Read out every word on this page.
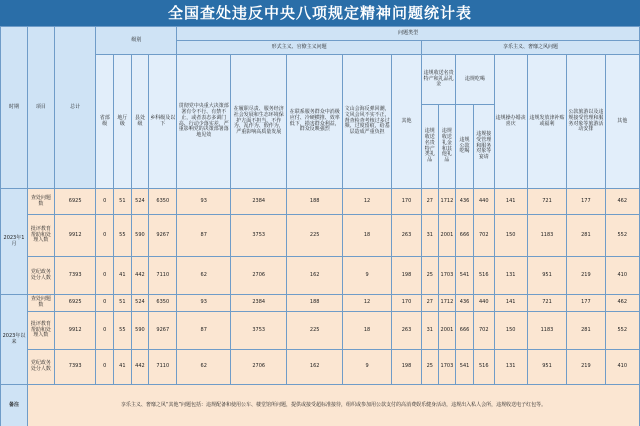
全国查处违反中央八项规定精神问题统计表
时期	项目	总计	级别				问题类型												
							形式主义、官僚主义问题					享乐主义、奢靡之风问题							
			省部级	地厅级	县处级	乡科级及以下	贯彻党中央重大决策部署有令不行、有禁不止，或者表态多调门高、行动少落实差，严重影响党的决策部署落地见效	在履职尽责、服务经济社会发展和生态环境保护方面不担当、不作为、乱作为、假作为，严重影响高质量发展	在联系服务群众中消极应付、冷硬横推、效率低下，损害群众利益，群众反映强烈	文山会海反弹回潮，文风会风不实不正，督查检查考核过多过频、过度留痕，给基层造成严重负担	其他	违规收送名贵特产和礼品礼金		违规吃喝		违规操办婚丧喜庆	违规发放津补贴或福利	公款旅游以及违规接受管理和服务对象等旅游活动安排	其他
												违规收送名贵特产类礼品	违规收送礼金和其他礼品	违规公款吃喝	违规接受管理和服务对象等宴请				
2023年1月	查处问题数	6925	0	51	524	6350	93	2384	188	12	170	27	1712	436	440	141	721	177	462
	批评教育帮助和处理人数	9912	0	55	590	9267	87	3753	225	18	263	31	2001	666	702	150	1183	281	552
	党纪政务处分人数	7393	0	41	442	7110	62	2706	162	9	198	25	1703	541	516	131	951	219	410
2023年以来	查处问题数	6925	0	51	524	6350	93	2384	188	12	170	27	1712	436	440	141	721	177	462
	批评教育帮助和处理人数	9912	0	55	590	9267	87	3753	225	18	263	31	2001	666	702	150	1183	281	552
	党纪政务处分人数	7393	0	41	442	7110	62	2706	162	9	198	25	1703	541	516	131	951	219	410
备注	享乐主义、奢靡之风“其他”问题包括：违规配备和使用公车、楼堂馆所问题，提供或接受超标准接待，组织或参加用公款支付的高消费娱乐健身活动，违规出入私人会所，违规收送电子红包等。																		
